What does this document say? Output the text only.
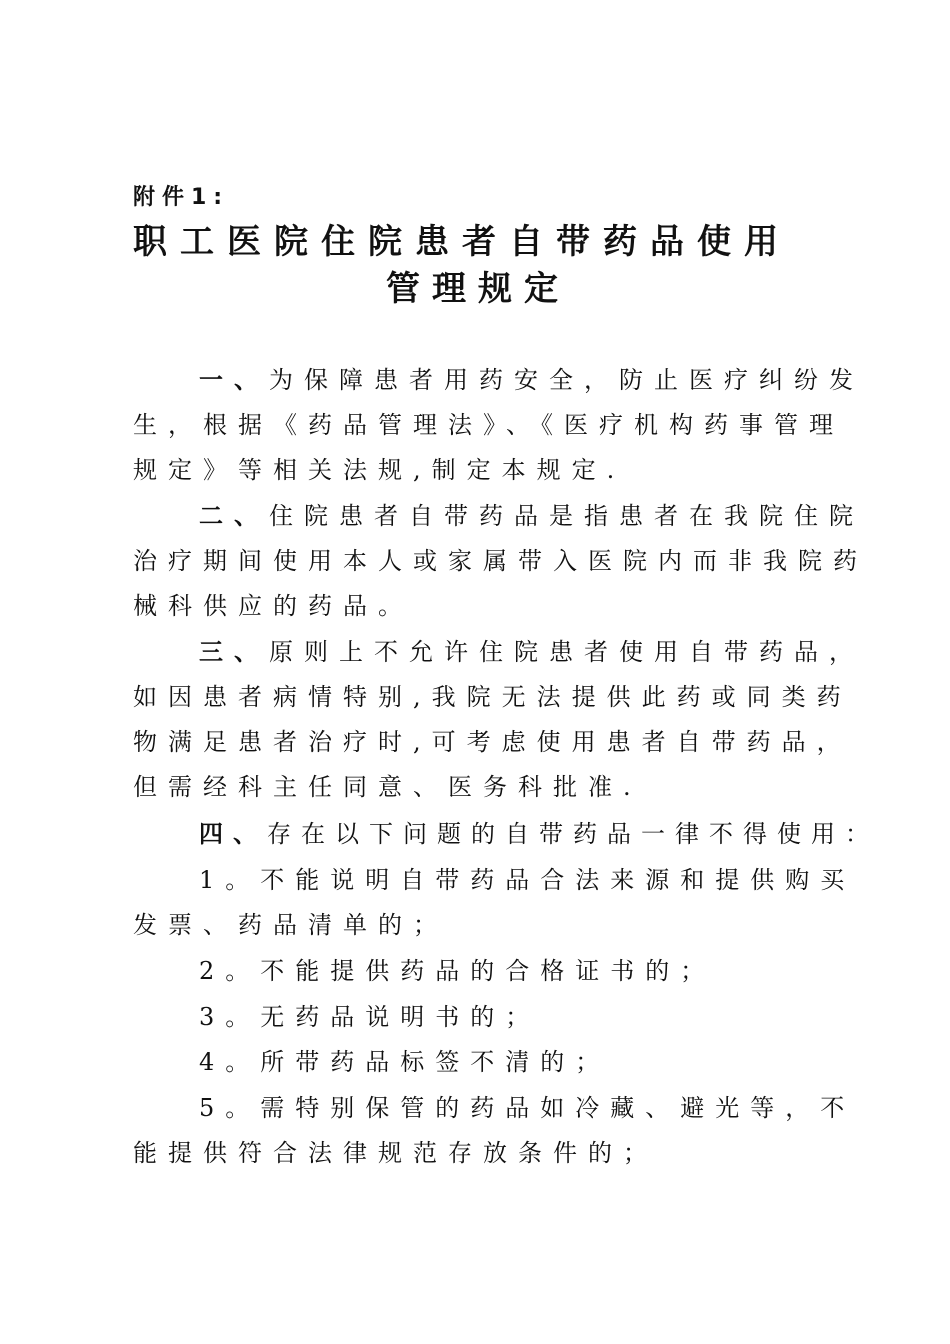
附件1:
职工医院住院患者自带药品使用
管理规定
一、为保障患者用药安全，防止医疗纠纷发
生，根据《药品管理法》、《医疗机构药事管理
规定》等相关法规,制定本规定.
二、住院患者自带药品是指患者在我院住院
治疗期间使用本人或家属带入医院内而非我院药
械科供应的药品。
三、原则上不允许住院患者使用自带药品，
如因患者病情特别,我院无法提供此药或同类药
物满足患者治疗时,可考虑使用患者自带药品，
但需经科主任同意、医务科批准.
四、存在以下问题的自带药品一律不得使用：
1。不能说明自带药品合法来源和提供购买
发票、药品清单的；
2。不能提供药品的合格证书的；
3。无药品说明书的；
4。所带药品标签不清的；
5。需特别保管的药品如冷藏、避光等，不
能提供符合法律规范存放条件的；
